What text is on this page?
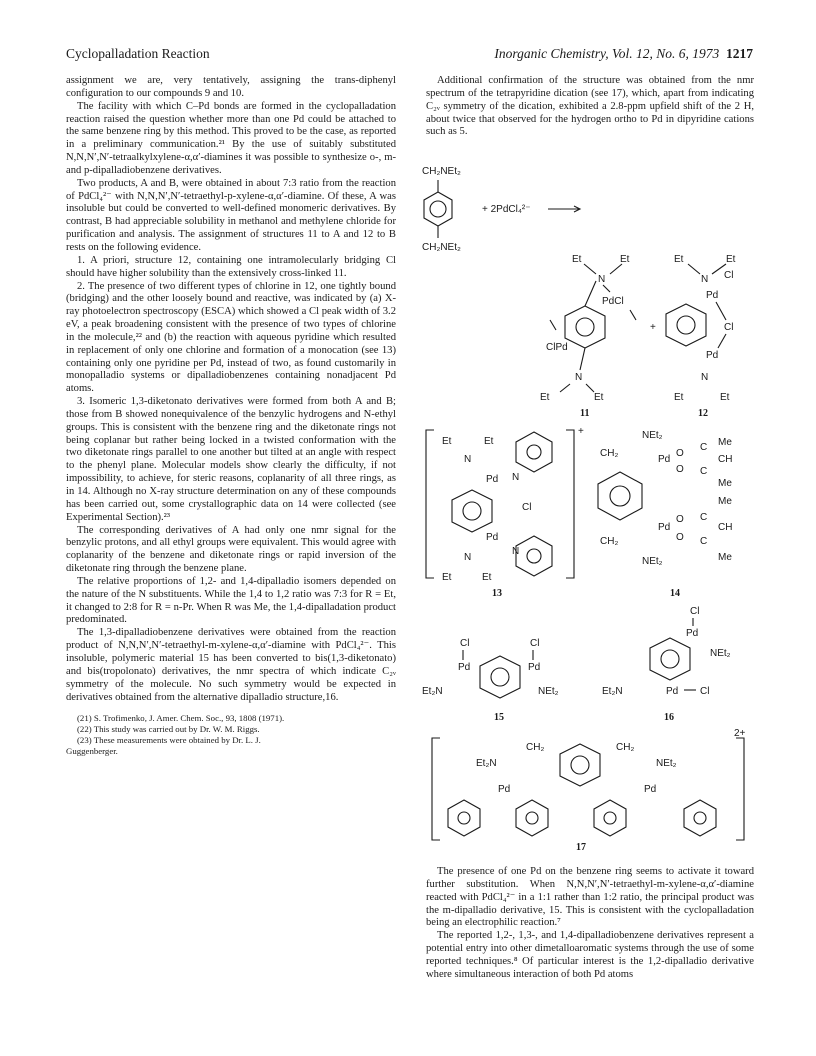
Cyclopalladation Reaction	Inorganic Chemistry, Vol. 12, No. 6, 1973 1217

assignment we are, very tentatively, assigning the trans-diphenyl configuration to our compounds 9 and 10.

The facility with which C–Pd bonds are formed in the cyclopalladation reaction raised the question whether more than one Pd could be attached to the same benzene ring by this method. This proved to be the case, as reported in a preliminary communication.²¹ By the use of suitably substituted N,N,N′,N′-tetraalkylxylene-α,α′-diamines it was possible to synthesize o-, m- and p-dipalladiobenzene derivatives.

Two products, A and B, were obtained in about 7:3 ratio from the reaction of PdCl₄²⁻ with N,N,N′,N′-tetraethyl-p-xylene-α,α′-diamine. Of these, A was insoluble but could be converted to well-defined monomeric derivatives. By contrast, B had appreciable solubility in methanol and methylene chloride for purification and analysis. The assignment of structures 11 to A and 12 to B rests on the following evidence.

1. A priori, structure 12, containing one intramolecularly bridging Cl should have higher solubility than the extensively cross-linked 11.

2. The presence of two different types of chlorine in 12, one tightly bound (bridging) and the other loosely bound and reactive, was indicated by (a) X-ray photoelectron spectroscopy (ESCA) which showed a Cl peak width of 3.2 eV, a peak broadening consistent with the presence of two types of chlorine in the molecule,²² and (b) the reaction with aqueous pyridine which resulted in replacement of only one chlorine and formation of a monocation (see 13) containing only one pyridine per Pd, instead of two, as found customarily in monopalladio systems or dipalladiobenzenes containing nonadjacent Pd atoms.

3. Isomeric 1,3-diketonato derivatives were formed from both A and B; those from B showed nonequivalence of the benzylic hydrogens and N-ethyl groups. This is consistent with the benzene ring and the diketonate rings not being coplanar but rather being locked in a twisted conformation with the two diketonate rings parallel to one another but tilted at an angle with respect to the phenyl plane. Molecular models show clearly the difficulty, if not impossibility, to achieve, for steric reasons, coplanarity of all three rings, as in 14. Although no X-ray structure determination on any of these compounds has been carried out, some crystallographic data on 14 were collected (see Experimental Section).²³

The corresponding derivatives of A had only one nmr signal for the benzylic protons, and all ethyl groups were equivalent. This would agree with coplanarity of the benzene and diketonate rings or rapid inversion of the diketonate ring through the benzene plane.

The relative proportions of 1,2- and 1,4-dipalladio isomers depended on the nature of the N substituents. While the 1,4 to 1,2 ratio was 7:3 for R = Et, it changed to 2:8 for R = n-Pr. When R was Me, the 1,4-dipalladation product predominated.

The 1,3-dipalladiobenzene derivatives were obtained from the reaction product of N,N,N′,N′-tetraethyl-m-xylene-α,α′-diamine with PdCl₄²⁻. This insoluble, polymeric material 15 has been converted to bis(1,3-diketonato) and bis(tropolonato) derivatives, the nmr spectra of which indicate C₂ᵥ symmetry of the molecule. No such symmetry would be expected in derivatives obtained from the alternative dipalladio structure,16.

(21) S. Trofimenko, J. Amer. Chem. Soc., 93, 1808 (1971).

(22) This study was carried out by Dr. W. M. Riggs.

(23) These measurements were obtained by Dr. L. J.

Guggenberger.

Additional confirmation of the structure was obtained from the nmr spectrum of the tetrapyridine dication (see 17), which, apart from indicating C₂ᵥ symmetry of the dication, exhibited a 2.8-ppm upfield shift of the 2 H, about twice that observed for the hydrogen ortho to Pd in dipyridine cations such as 5.

CH₂NEt₂
CH₂NEt₂
+ 2PdCl₄²⁻
Et	Et
N
PdCl
ClPd
N
Et	Et
11
+
Et	Et
N Cl
Pd
Cl
Pd
N
Et	Et
12
+
Et	Et
N
Pd N
Cl
Pd
N
N
Et	Et
13
NEt₂
CH₂
Pd
O
C Me
CH
O C
Me
Me
Pd
O C
CH
O C
CH₂
NEt₂	Me
14
Cl
Pd
Et₂N
Cl
Pd
NEt₂
15
Cl
Pd
NEt₂
Et₂N	Pd Cl
16
2+
CH₂	CH₂
Et₂N	NEt₂
Pd	Pd
17

The presence of one Pd on the benzene ring seems to activate it toward further substitution. When N,N,N′,N′-tetraethyl-m-xylene-α,α′-diamine reacted with PdCl₄²⁻ in a 1:1 rather than 1:2 ratio, the principal product was the m-dipalladio derivative, 15. This is consistent with the cyclopalladation being an electrophilic reaction.⁷

The reported 1,2-, 1,3-, and 1,4-dipalladiobenzene derivatives represent a potential entry into other dimetalloaromatic systems through the use of some reported techniques.⁸ Of particular interest is the 1,2-dipalladio derivative where simultaneous interaction of both Pd atoms
